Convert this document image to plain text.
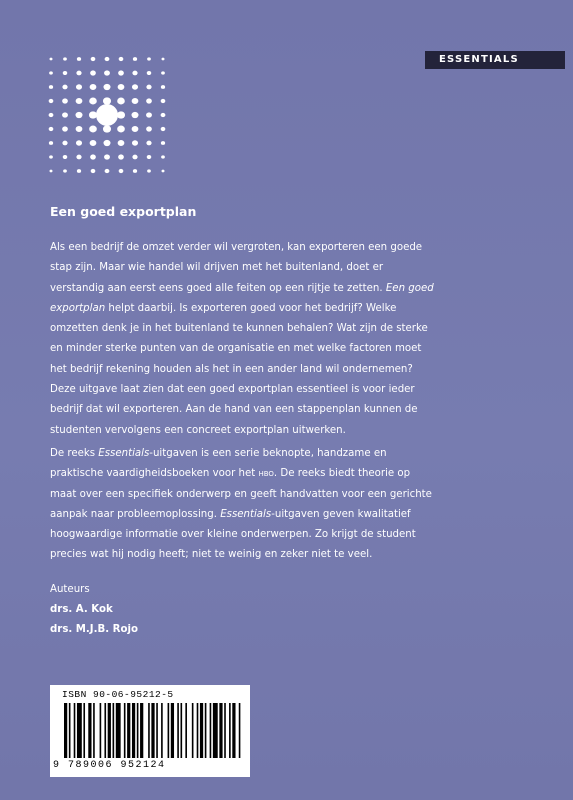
ESSENTIALS
Een goed exportplan

Als een bedrijf de omzet verder wil vergroten, kan exporteren een goede stap zijn. Maar wie handel wil drijven met het buitenland, doet er verstandig aan eerst eens goed alle feiten op een rijtje te zetten. Een goed exportplan helpt daarbij. Is exporteren goed voor het bedrijf? Welke omzetten denk je in het buitenland te kunnen behalen? Wat zijn de sterke en minder sterke punten van de organisatie en met welke factoren moet het bedrijf rekening houden als het in een ander land wil ondernemen? Deze uitgave laat zien dat een goed exportplan essentieel is voor ieder bedrijf dat wil exporteren. Aan de hand van een stappenplan kunnen de studenten vervolgens een concreet exportplan uitwerken.

De reeks Essentials-uitgaven is een serie beknopte, handzame en praktische vaardigheidsboeken voor het hbo. De reeks biedt theorie op maat over een specifiek onderwerp en geeft handvatten voor een gerichte aanpak naar probleemoplossing. Essentials-uitgaven geven kwalitatief hoogwaardige informatie over kleine onderwerpen. Zo krijgt de student precies wat hij nodig heeft; niet te weinig en zeker niet te veel.

Auteurs
drs. A. Kok
drs. M.J.B. Rojo
ISBN 90-06-95212-5
9 789006 952124
